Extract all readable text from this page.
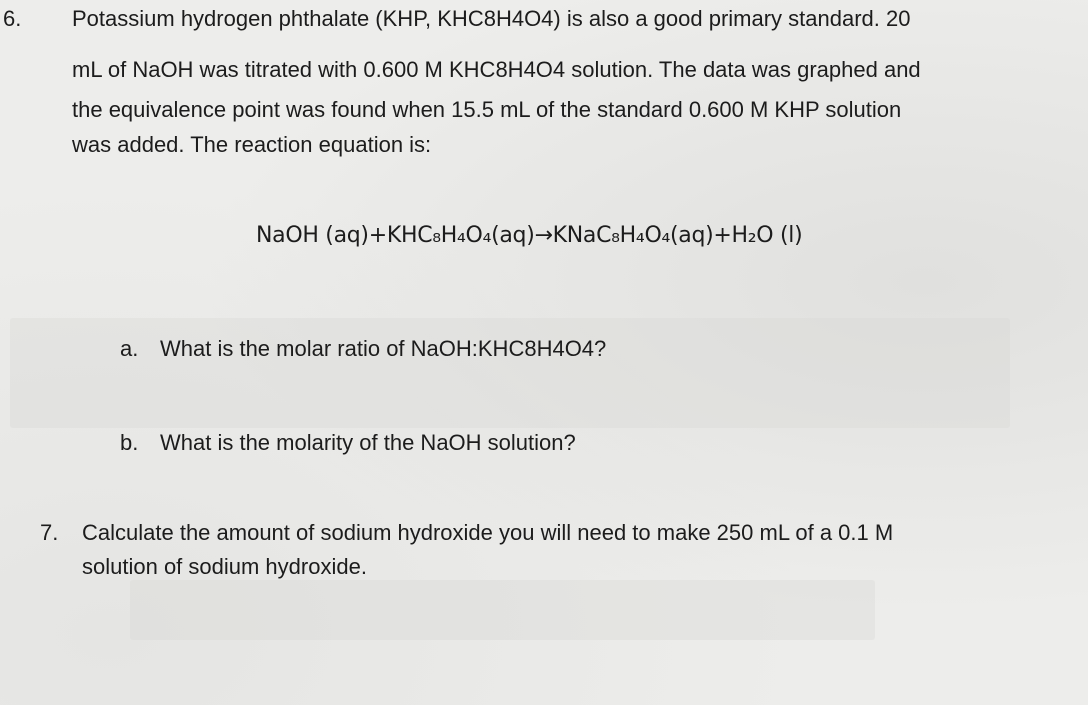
6. Potassium hydrogen phthalate (KHP, KHC8H4O4) is also a good primary standard. 20
mL of NaOH was titrated with 0.600 M KHC8H4O4 solution. The data was graphed and
the equivalence point was found when 15.5 mL of the standard 0.600 M KHP solution
was added. The reaction equation is:
NaOH (aq)+KHC₈H₄O₄(aq)→KNaC₈H₄O₄(aq)+H₂O (l)
a. What is the molar ratio of NaOH:KHC8H4O4?
b. What is the molarity of the NaOH solution?
7. Calculate the amount of sodium hydroxide you will need to make 250 mL of a 0.1 M
solution of sodium hydroxide.
